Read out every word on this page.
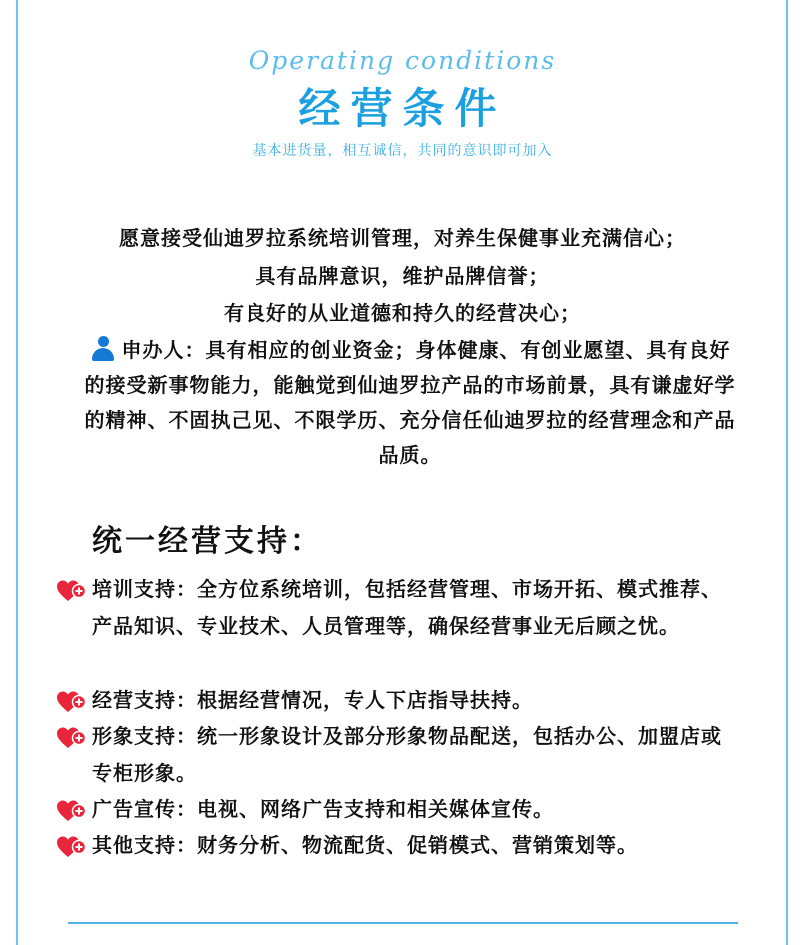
Operating conditions
经营条件
基本进货量，相互诚信，共同的意识即可加入
愿意接受仙迪罗拉系统培训管理，对养生保健事业充满信心；
具有品牌意识，维护品牌信誉；
有良好的从业道德和持久的经营决心；
申办人：具有相应的创业资金；身体健康、有创业愿望、具有良好的接受新事物能力，能触觉到仙迪罗拉产品的市场前景，具有谦虚好学的精神、不固执己见、不限学历、充分信任仙迪罗拉的经营理念和产品品质。
统一经营支持：
培训支持：全方位系统培训，包括经营管理、市场开拓、模式推荐、产品知识、专业技术、人员管理等，确保经营事业无后顾之忧。
经营支持：根据经营情况，专人下店指导扶持。
形象支持：统一形象设计及部分形象物品配送，包括办公、加盟店或专柜形象。
广告宣传：电视、网络广告支持和相关媒体宣传。
其他支持：财务分析、物流配货、促销模式、营销策划等。
